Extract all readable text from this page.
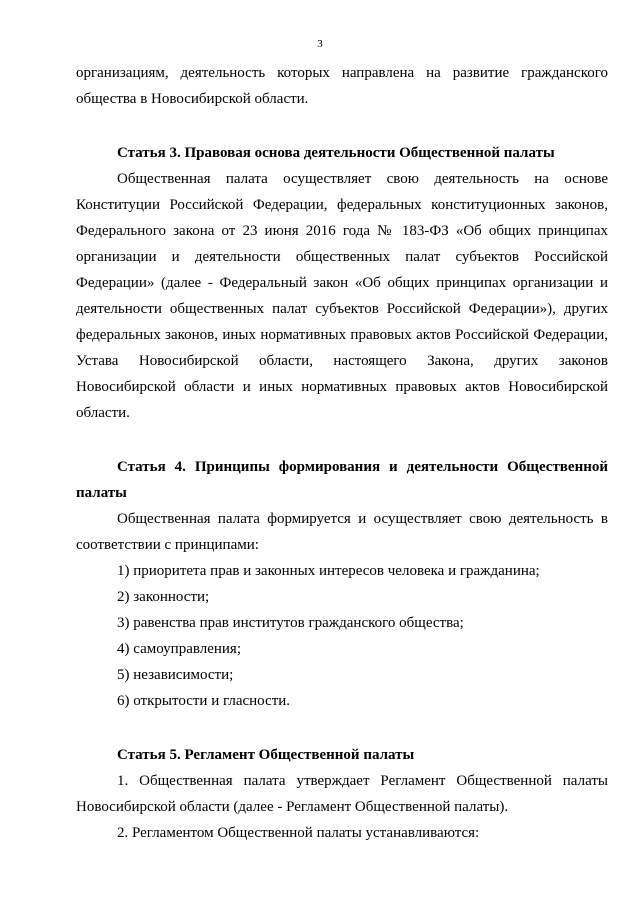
3

организациям, деятельность которых направлена на развитие гражданского общества в Новосибирской области.

Статья 3. Правовая основа деятельности Общественной палаты

Общественная палата осуществляет свою деятельность на основе Конституции Российской Федерации, федеральных конституционных законов, Федерального закона от 23 июня 2016 года № 183-ФЗ «Об общих принципах организации и деятельности общественных палат субъектов Российской Федерации» (далее - Федеральный закон «Об общих принципах организации и деятельности общественных палат субъектов Российской Федерации»), других федеральных законов, иных нормативных правовых актов Российской Федерации, Устава Новосибирской области, настоящего Закона, других законов Новосибирской области и иных нормативных правовых актов Новосибирской области.

Статья 4. Принципы формирования и деятельности Общественной палаты

Общественная палата формируется и осуществляет свою деятельность в соответствии с принципами:

1) приоритета прав и законных интересов человека и гражданина;

2) законности;

3) равенства прав институтов гражданского общества;

4) самоуправления;

5) независимости;

6) открытости и гласности.

Статья 5. Регламент Общественной палаты

1. Общественная палата утверждает Регламент Общественной палаты Новосибирской области (далее - Регламент Общественной палаты).

2. Регламентом Общественной палаты устанавливаются:
